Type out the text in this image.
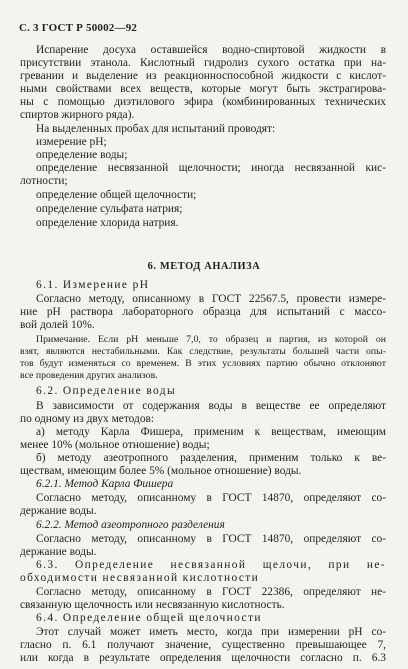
С. 3 ГОСТ Р 50002—92
Испарение досуха оставшейся водно-спиртовой жидкости в
присутствии этанола. Кислотный гидролиз сухого остатка при на-
гревании и выделение из реакционноспособной жидкости с кислот-
ными свойствами всех веществ, которые могут быть экстрагирова-
ны с помощью диэтилового эфира (комбинированных технических
спиртов жирного ряда).
На выделенных пробах для испытаний проводят:
измерение pH;
определение воды;
определение несвязанной щелочности; иногда несвязанной кис-
лотности;
определение общей щелочности;
определение сульфата натрия;
определение хлорида натрия.
6. МЕТОД АНАЛИЗА
6.1. Измерение pH
Согласно методу, описанному в ГОСТ 22567.5, провести измере-
ние pH раствора лабораторного образца для испытаний с массо-
вой долей 10%.
Примечание. Если pH меньше 7,0, то образец и партия, из которой он
взят, являются нестабильными. Как следствие, результаты большей части опы-
тов будут изменяться со временем. В этих условиях партию обычно отклоняют
все проведения других анализов.
6.2. Определение воды
В зависимости от содержания воды в веществе ее определяют
по одному из двух методов:
а) методу Карла Фишера, применим к веществам, имеющим
менее 10% (мольное отношение) воды;
б) методу азеотропного разделения, применим только к ве-
ществам, имеющим более 5% (мольное отношение) воды.
6.2.1. Метод Карла Фишера
Согласно методу, описанному в ГОСТ 14870, определяют со-
держание воды.
6.2.2. Метод азеотропного разделения
Согласно методу, описанному в ГОСТ 14870, определяют со-
держание воды.
6.3. Определение несвязанной щелочи, при не-
обходимости несвязанной кислотности
Согласно методу, описанному в ГОСТ 22386, определяют не-
связанную щелочность или несвязанную кислотность.
6.4. Определение общей щелочности
Этот случай может иметь место, когда при измерении pH со-
гласно п. 6.1 получают значение, существенно превышающее 7,
или когда в результате определения щелочности согласно п. 6.3
